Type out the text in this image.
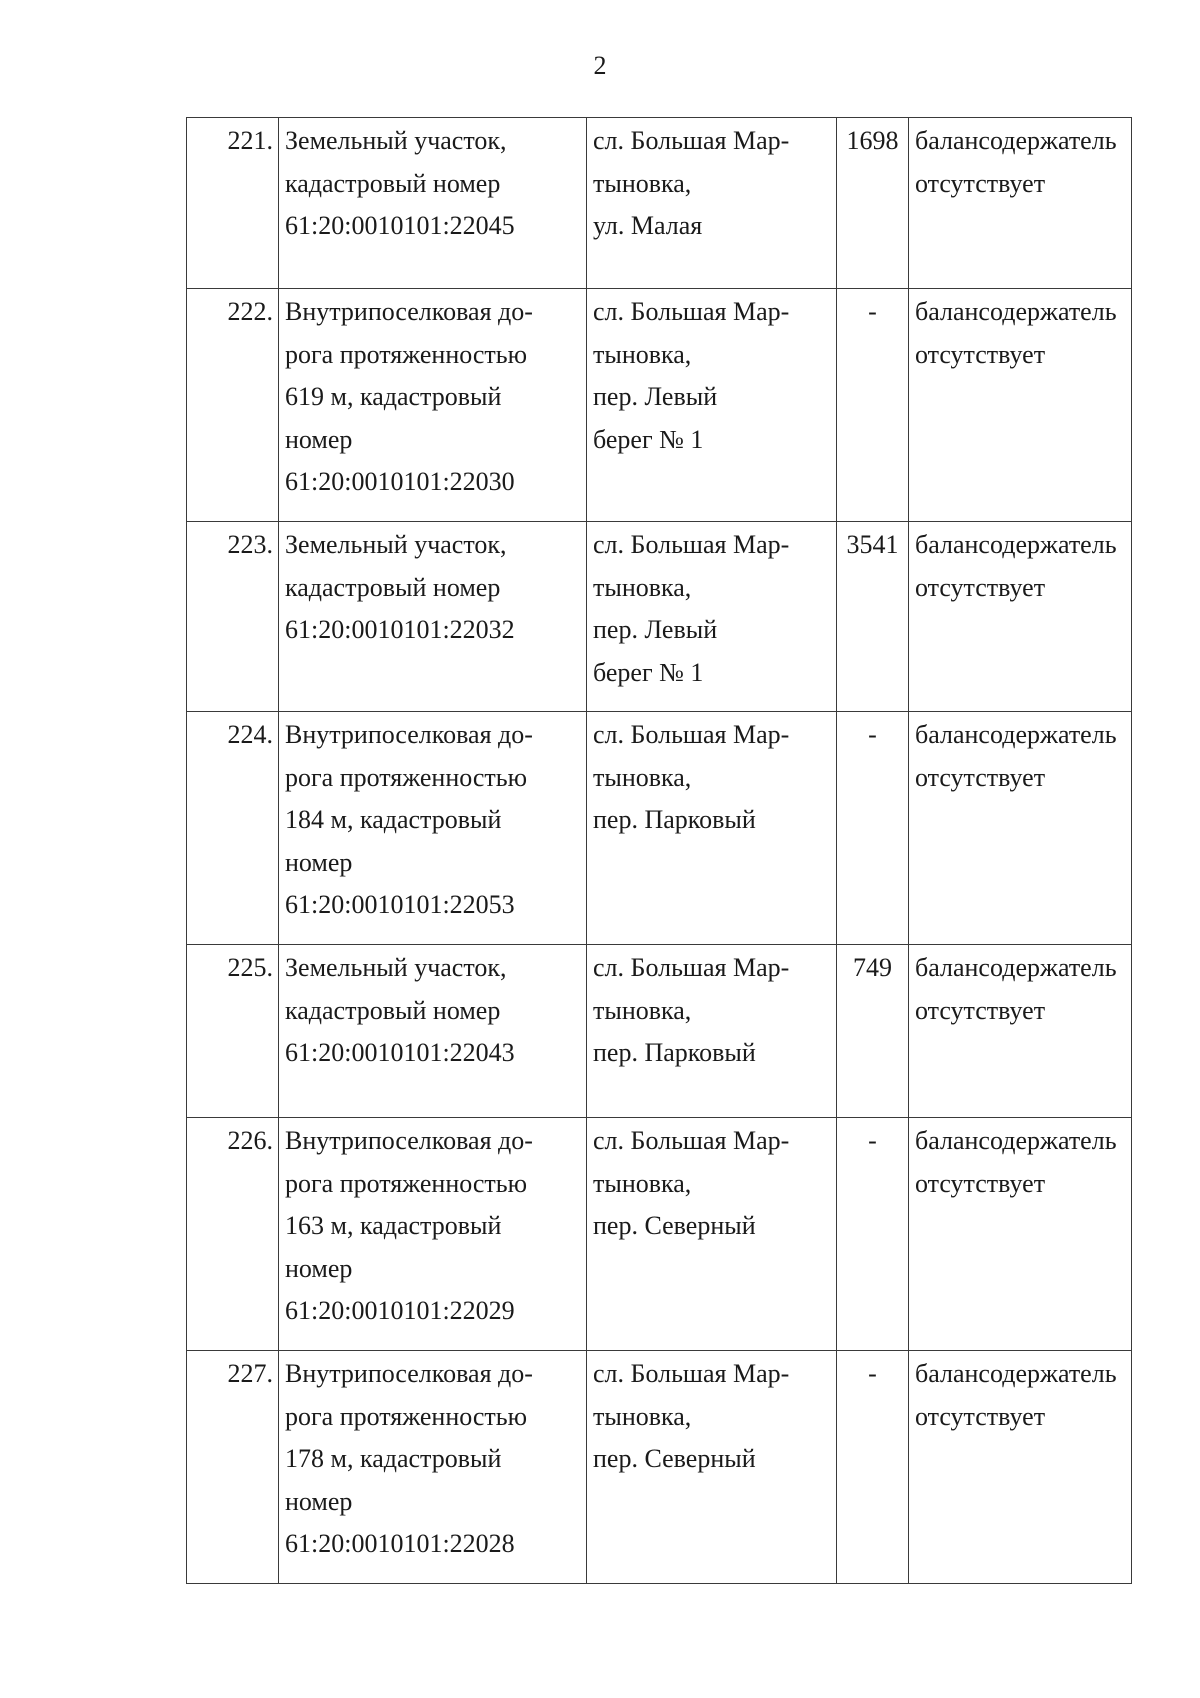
2
221.	Земельный участок,
кадастровый номер
61:20:0010101:22045	сл. Большая Мар-
тыновка,
ул. Малая	1698	балансодержатель
отсутствует

222.	Внутрипоселковая до-
рога протяженностью
619 м, кадастровый
номер
61:20:0010101:22030	сл. Большая Мар-
тыновка,
пер. Левый
берег № 1	-	балансодержатель
отсутствует

223.	Земельный участок,
кадастровый номер
61:20:0010101:22032	сл. Большая Мар-
тыновка,
пер. Левый
берег № 1	3541	балансодержатель
отсутствует

224.	Внутрипоселковая до-
рога протяженностью
184 м, кадастровый
номер
61:20:0010101:22053	сл. Большая Мар-
тыновка,
пер. Парковый	-	балансодержатель
отсутствует

225.	Земельный участок,
кадастровый номер
61:20:0010101:22043	сл. Большая Мар-
тыновка,
пер. Парковый	749	балансодержатель
отсутствует

226.	Внутрипоселковая до-
рога протяженностью
163 м, кадастровый
номер
61:20:0010101:22029	сл. Большая Мар-
тыновка,
пер. Северный	-	балансодержатель
отсутствует

227.	Внутрипоселковая до-
рога протяженностью
178 м, кадастровый
номер
61:20:0010101:22028	сл. Большая Мар-
тыновка,
пер. Северный	-	балансодержатель
отсутствует
